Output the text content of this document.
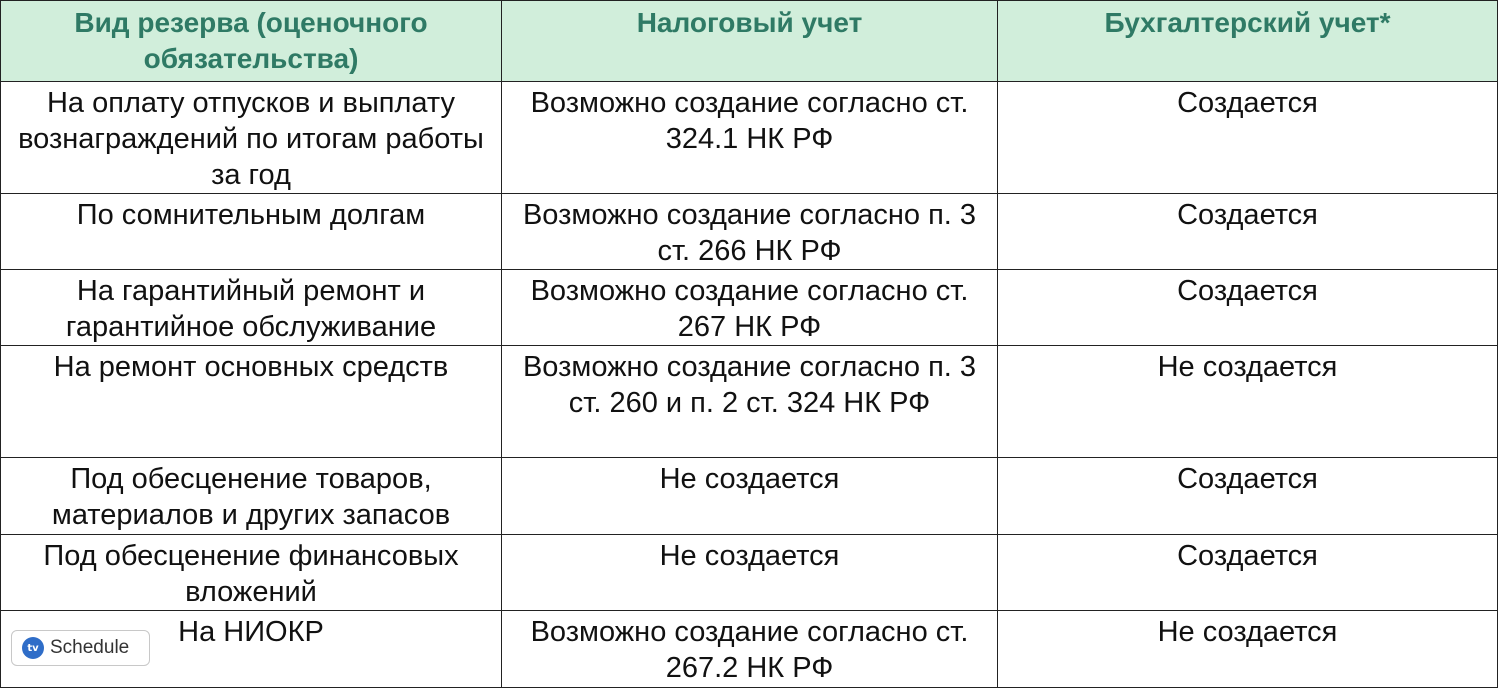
Вид резерва (оценочного обязательства)	Налоговый учет	Бухгалтерский учет*
На оплату отпусков и выплату вознаграждений по итогам работы за год	Возможно создание согласно ст. 324.1 НК РФ	Создается
По сомнительным долгам	Возможно создание согласно п. 3 ст. 266 НК РФ	Создается
На гарантийный ремонт и гарантийное обслуживание	Возможно создание согласно ст. 267 НК РФ	Создается
На ремонт основных средств	Возможно создание согласно п. 3 ст. 260 и п. 2 ст. 324 НК РФ	Не создается
Под обесценение товаров, материалов и других запасов	Не создается	Создается
Под обесценение финансовых вложений	Не создается	Создается
На НИОКР	Возможно создание согласно ст. 267.2 НК РФ	Не создается
tv Schedule
